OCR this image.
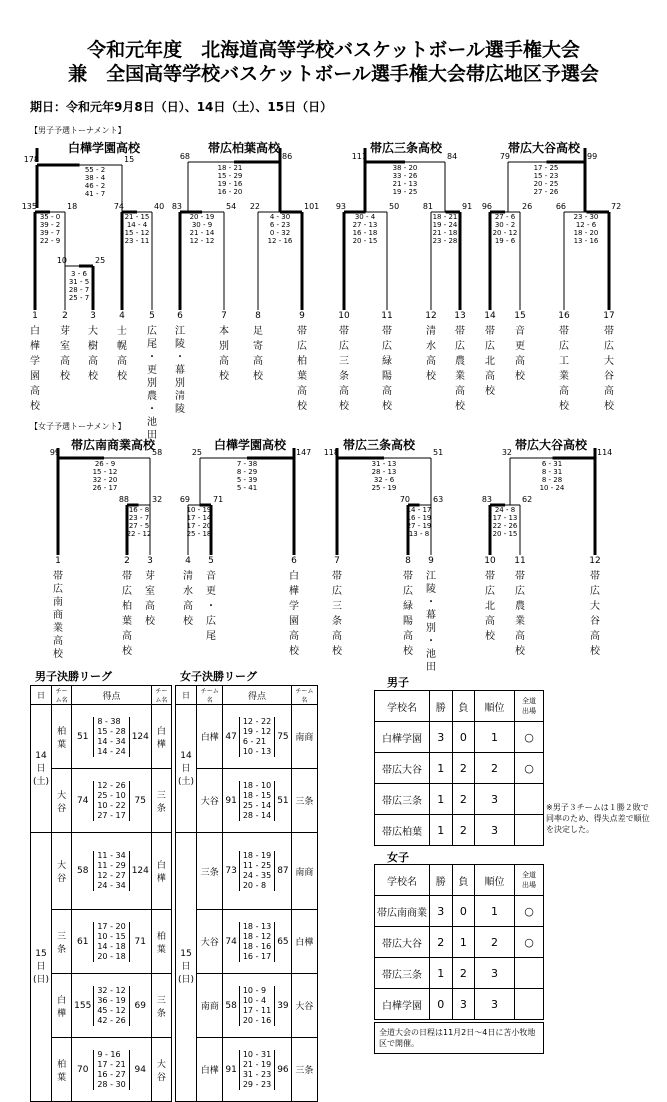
令和元年度　北海道高等学校バスケットボール選手権大会
兼　全国高等学校バスケットボール選手権大会帯広地区予選会
期日：令和元年9月8日（日）、14日（土）、15日（日）
【男子予選トーナメント】
【女子予選トーナメント】
白樺学園高校	帯広柏葉高校	帯広三条高校	帯広大谷高校
帯広南商業高校	白樺学園高校	帯広三条高校	帯広大谷高校
178	15
55 - 2
38 - 4
46 - 2
41 - 7
135	18
35 - 0
39 - 2
39 - 7
22 - 9
10	25
3 - 6
31 - 5
28 - 7
25 - 7
74	40
21 - 15
14 - 4
15 - 12
23 - 11
68	86
18 - 21
15 - 29
19 - 16
16 - 20
83	54
20 - 19
30 - 9
21 - 14
12 - 12
22	101
4 - 30
6 - 23
0 - 32
12 - 16
111	84
38 - 20
33 - 26
21 - 13
19 - 25
93	50
30 - 4
27 - 13
16 - 18
20 - 15
81	91
18 - 21
19 - 24
21 - 18
23 - 28
79	99
17 - 25
15 - 23
20 - 25
27 - 26
96	26
27 - 6
30 - 2
20 - 12
19 - 6
66	72
23 - 30
12 - 6
18 - 20
13 - 16
99	58
26 - 9
15 - 12
32 - 20
26 - 17
88	32
16 - 8
23 - 7
27 - 5
22 - 12
25	147
7 - 38
8 - 29
5 - 39
5 - 41
69	71
10 - 19
17 - 14
17 - 20
25 - 18
118	51
31 - 13
28 - 13
32 - 6
25 - 19
70	63
14 - 17
16 - 19
27 - 19
13 - 8
32	114
6 - 31
8 - 31
8 - 28
10 - 24
83	62
24 - 8
17 - 13
22 - 26
20 - 15
1
白
樺
学
園
高
校
2
芽
室
高
校
3
大
樹
高
校
4
士
幌
高
校
5
広
尾
・
更
別
農
・
池
田
6
江
陵
・
幕
別
清
陵
7
本
別
高
校
8
足
寄
高
校
9
帯
広
柏
葉
高
校
10
帯
広
三
条
高
校
11
帯
広
緑
陽
高
校
12
清
水
高
校
13
帯
広
農
業
高
校
14
帯
広
北
高
校
15
音
更
高
校
16
帯
広
工
業
高
校
17
帯
広
大
谷
高
校
1
帯
広
南
商
業
高
校
2
帯
広
柏
葉
高
校
3
芽
室
高
校
4
清
水
高
校
5
音
更
・
広
尾
6
白
樺
学
園
高
校
7
帯
広
三
条
高
校
8
帯
広
緑
陽
高
校
9
江
陵
・
幕
別
・
池
田
10
帯
広
北
高
校
11
帯
広
農
業
高
校
12
帯
広
大
谷
高
校
男子決勝リーグ	女子決勝リーグ
日	チーム名	得点			チーム名
14
日
(土)	柏葉	51	8 - 38
15 - 28
14 - 34
14 - 24	124	白樺
	大谷	74	12 - 26
25 - 10
10 - 22
27 - 17	75	三条
15
日
(日)	大谷	58	11 - 34
11 - 29
12 - 27
24 - 34	124	白樺
	三条	61	17 - 20
10 - 15
14 - 18
20 - 18	71	柏葉
	白樺	155	32 - 12
36 - 19
45 - 12
42 - 26	69	三条
	柏葉	70	9 - 16
17 - 21
16 - 27
28 - 30	94	大谷
日	チーム名	得点			チーム名
14
日
(土)	白樺	47	12 - 22
19 - 12
6 - 21
10 - 13	75	南商
	大谷	91	18 - 10
18 - 15
25 - 14
28 - 14	51	三条
15
日
(日)	三条	73	18 - 19
11 - 25
24 - 35
20 - 8	87	南商
	大谷	74	18 - 13
18 - 12
18 - 16
16 - 17	65	白樺
	南商	58	10 - 9
10 - 4
17 - 11
20 - 16	39	大谷
	白樺	91	10 - 31
21 - 19
31 - 23
29 - 23	96	三条
男子
学校名	勝	負	順位	全道
出場
白樺学園	3	0	1	○
帯広大谷	1	2	2	○
帯広三条	1	2	3	
帯広柏葉	1	2	3	
※男子３チームは１勝２敗で同率のため、得失点差で順位を決定した。
女子
学校名	勝	負	順位	全道
出場
帯広南商業	3	0	1	○
帯広大谷	2	1	2	○
帯広三条	1	2	3	
白樺学園	0	3	3	
全道大会の日程は11月2日〜4日に苫小牧地区で開催。
